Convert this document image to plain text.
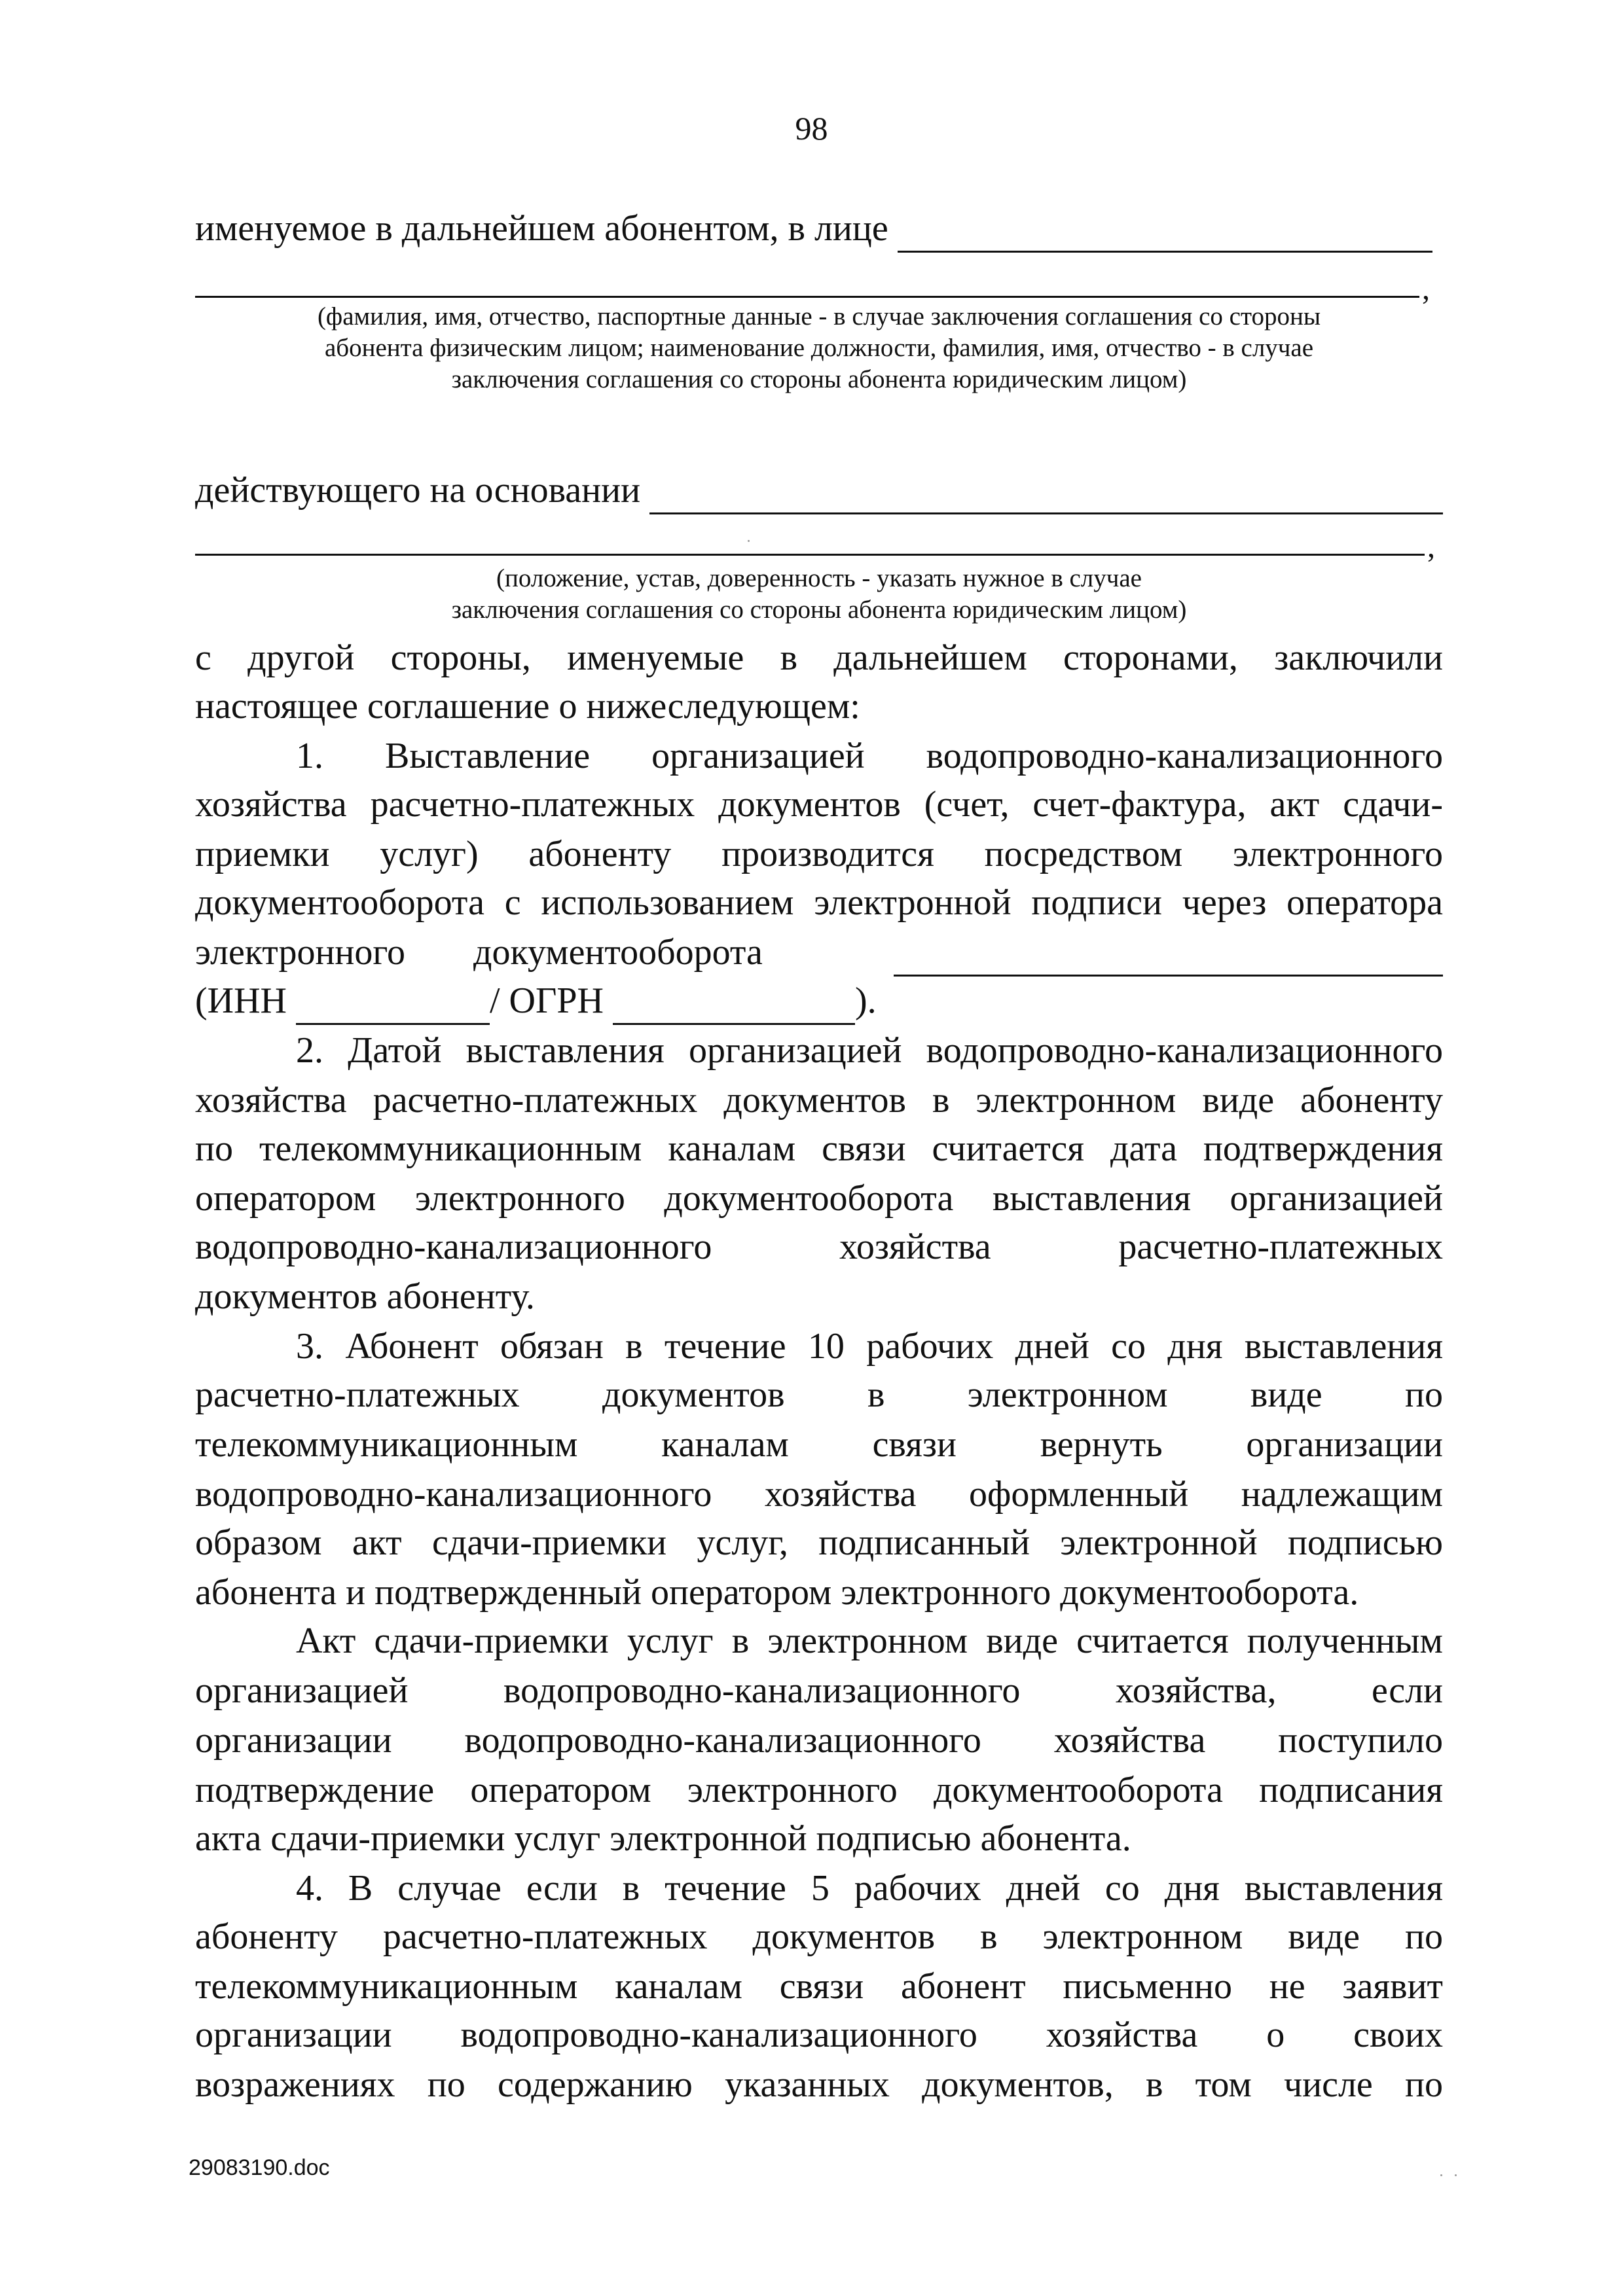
98
именуемое в дальнейшем абонентом, в лице
,
(фамилия, имя, отчество, паспортные данные - в случае заключения соглашения со стороны
абонента физическим лицом; наименование должности, фамилия, имя, отчество - в случае
заключения соглашения со стороны абонента юридическим лицом)
действующего на основании
,
(положение, устав, доверенность - указать нужное в случае
заключения соглашения со стороны абонента юридическим лицом)
с другой стороны, именуемые в дальнейшем сторонами, заключили
настоящее соглашение о нижеследующем:
1. Выставление организацией водопроводно-канализационного
хозяйства расчетно-платежных документов (счет, счет-фактура, акт сдачи-
приемки услуг) абоненту производится посредством электронного
документооборота с использованием электронной подписи через оператора
электронного документооборота
(ИНН	/ ОГРН	).
2. Датой выставления организацией водопроводно-канализационного
хозяйства расчетно-платежных документов в электронном виде абоненту
по телекоммуникационным каналам связи считается дата подтверждения
оператором электронного документооборота выставления организацией
водопроводно-канализационного хозяйства расчетно-платежных
документов абоненту.
3. Абонент обязан в течение 10 рабочих дней со дня выставления
расчетно-платежных документов в электронном виде по
телекоммуникационным каналам связи вернуть организации
водопроводно-канализационного хозяйства оформленный надлежащим
образом акт сдачи-приемки услуг, подписанный электронной подписью
абонента и подтвержденный оператором электронного документооборота.
Акт сдачи-приемки услуг в электронном виде считается полученным
организацией водопроводно-канализационного хозяйства, если
организации водопроводно-канализационного хозяйства поступило
подтверждение оператором электронного документооборота подписания
акта сдачи-приемки услуг электронной подписью абонента.
4. В случае если в течение 5 рабочих дней со дня выставления
абоненту расчетно-платежных документов в электронном виде по
телекоммуникационным каналам связи абонент письменно не заявит
организации водопроводно-канализационного хозяйства о своих
возражениях по содержанию указанных документов, в том числе по
29083190.doc
